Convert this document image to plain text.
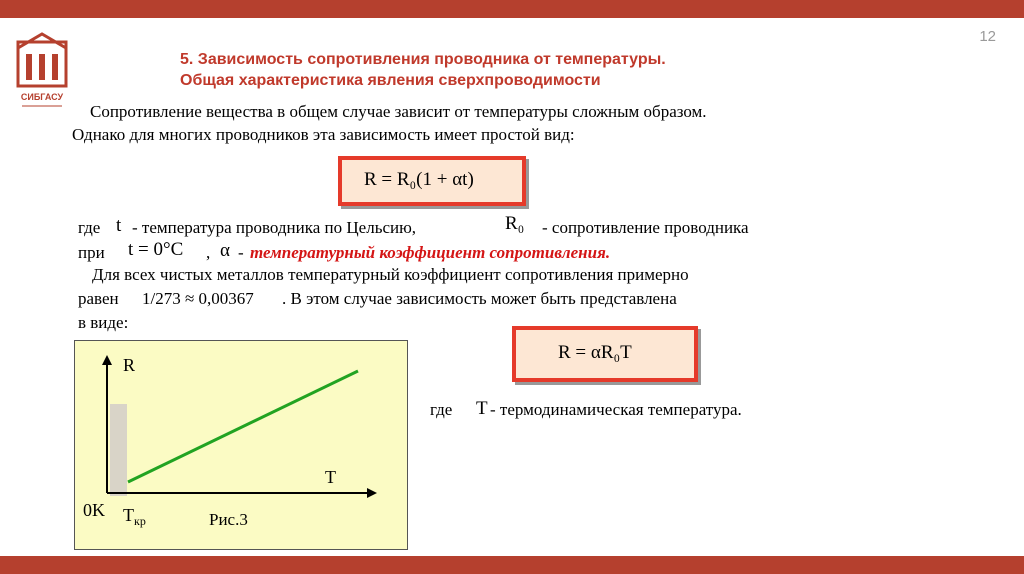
12
СИБГАСУ
5. Зависимость сопротивления проводника от температуры.
Общая характеристика явления сверхпроводимости
Сопротивление вещества в общем случае зависит от температуры сложным образом.
Однако для многих проводников эта зависимость имеет простой вид:
R = R₀(1 + αt)
где t - температура проводника по Цельсию,	R₀ - сопротивление проводника
при t = 0°C , α - температурный коэффициент сопротивления.
Для всех чистых металлов температурный коэффициент сопротивления примерно
равен 1/273 ≈ 0,00367 . В этом случае зависимость может быть представлена
в виде:
R = αR₀T
где T - термодинамическая температура.
R
T
0K $T_{кр}$	Рис.3
